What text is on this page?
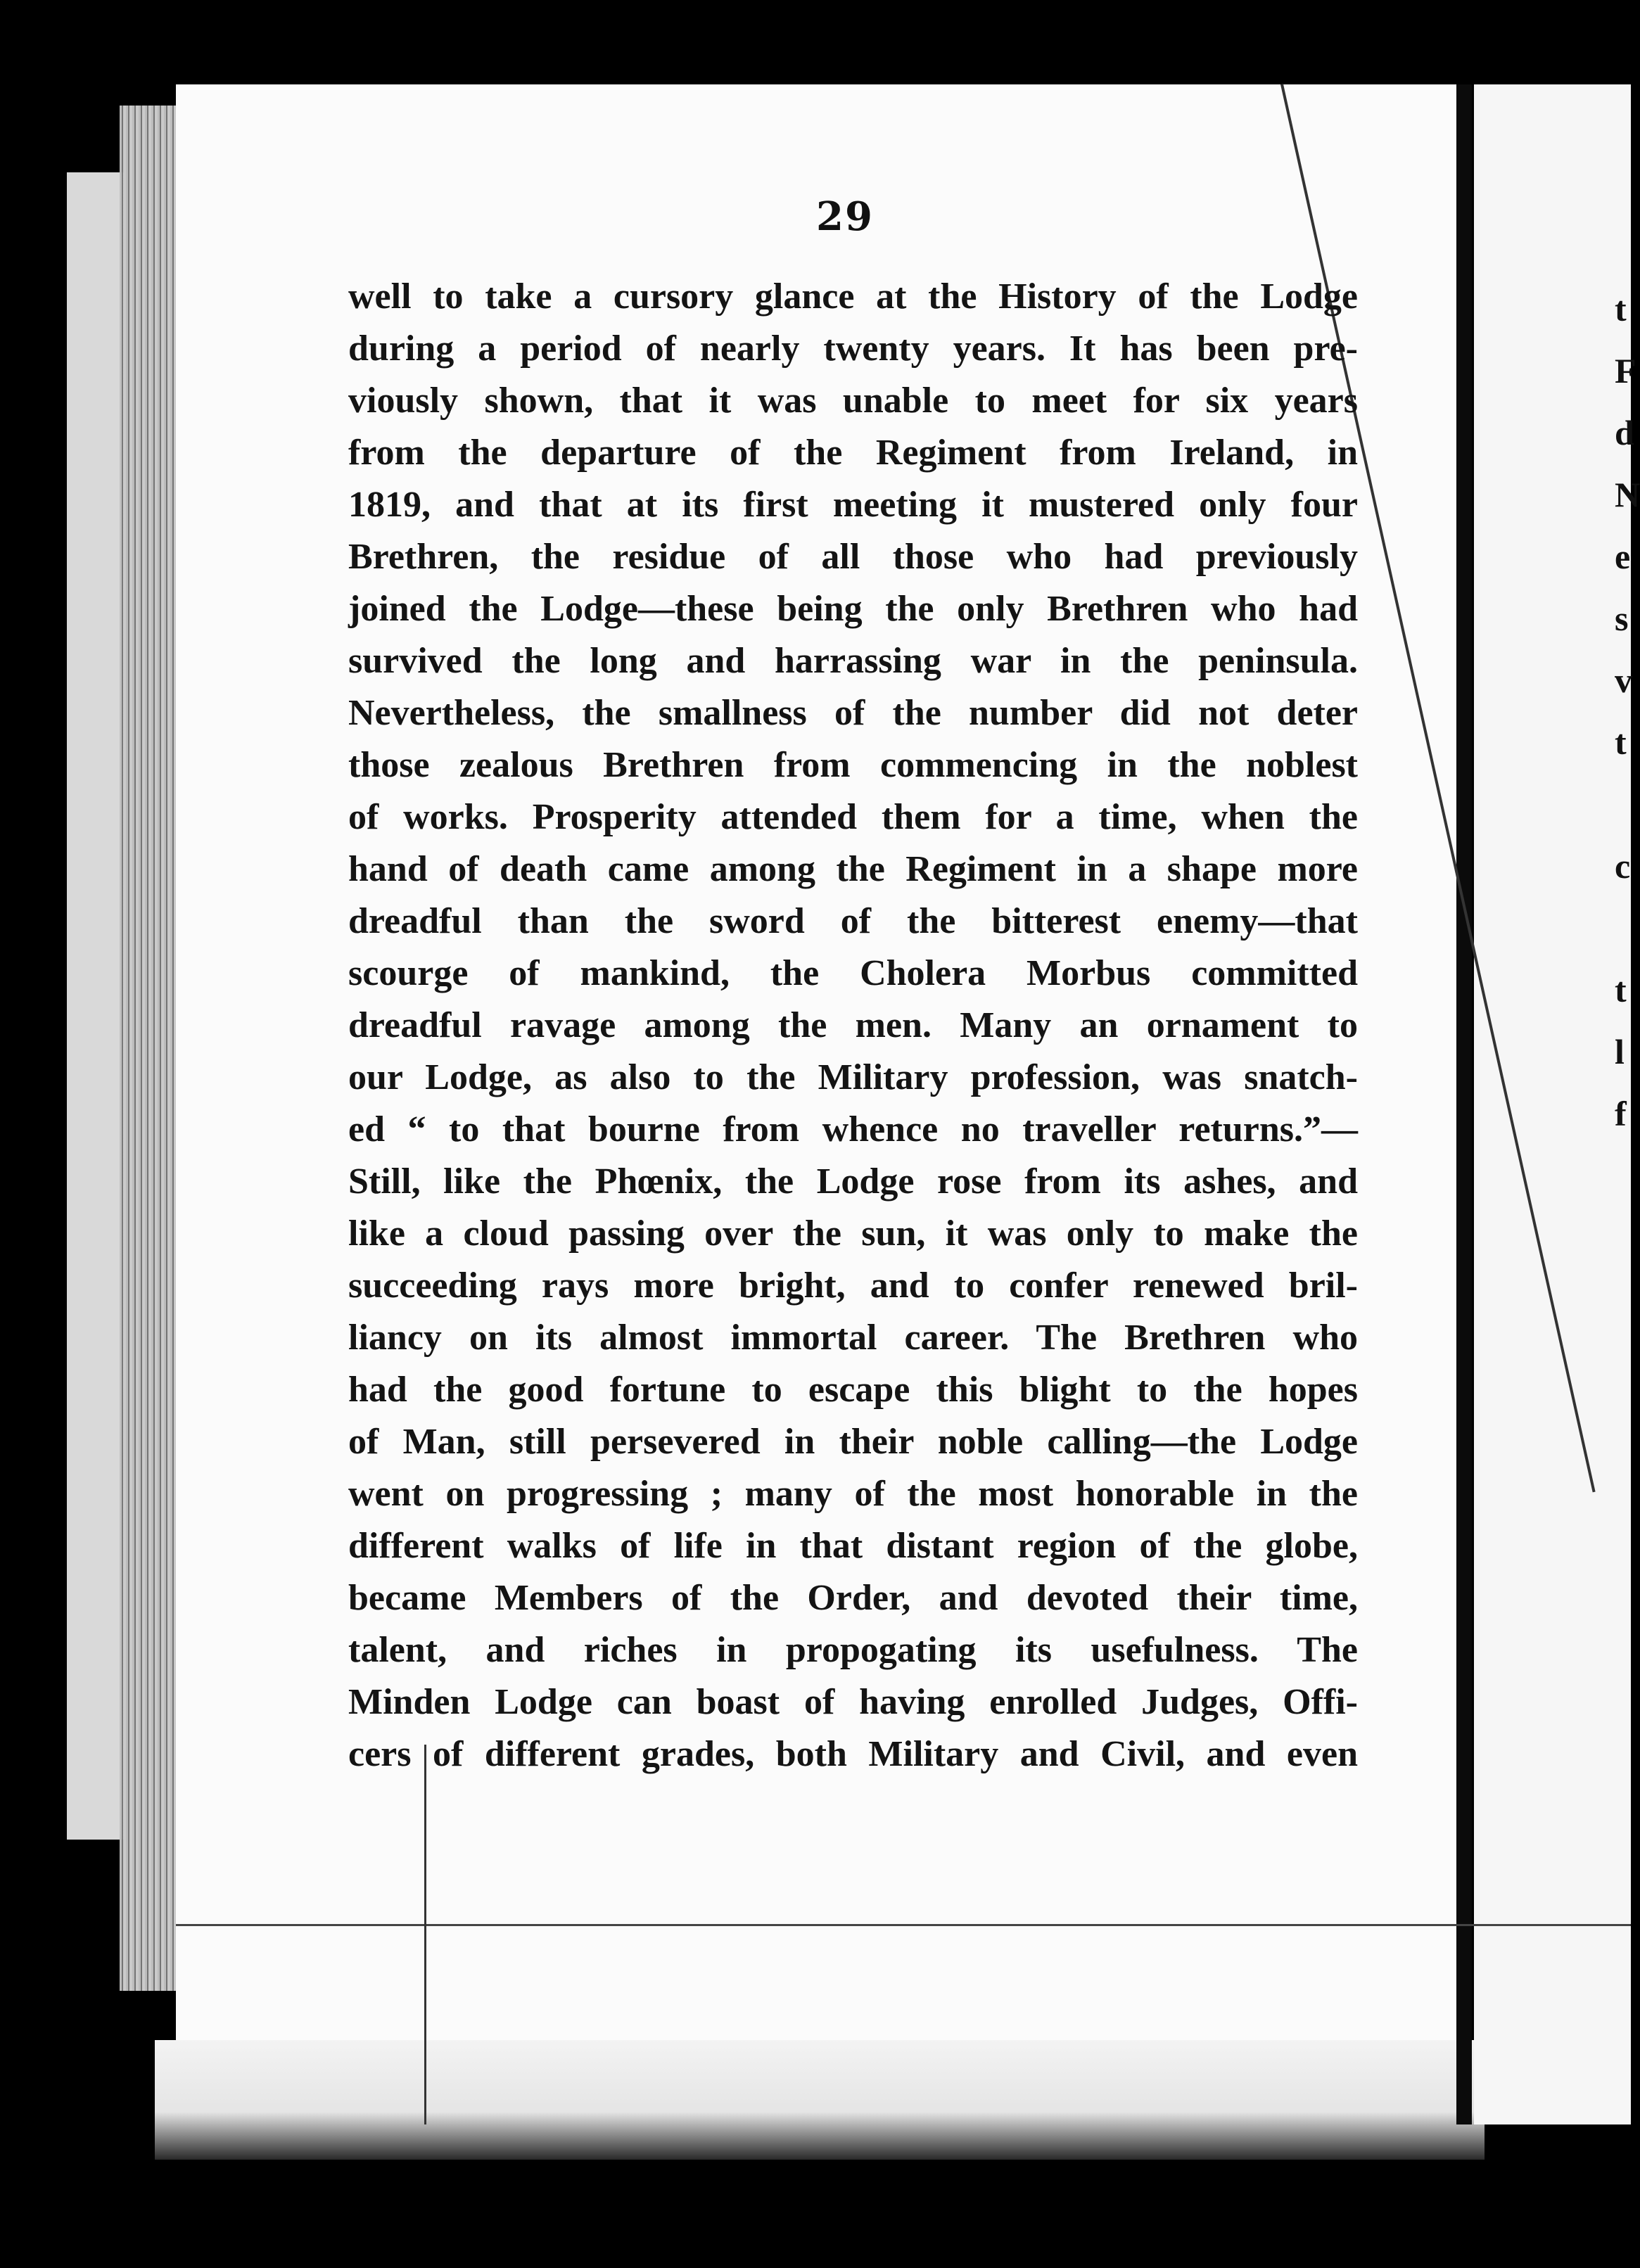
29
well to take a cursory glance at the History of the Lodge
during a period of nearly twenty years. It has been pre-
viously shown, that it was unable to meet for six years
from the departure of the Regiment from Ireland, in
1819, and that at its first meeting it mustered only four
Brethren, the residue of all those who had previously
joined the Lodge—these being the only Brethren who had
survived the long and harrassing war in the peninsula.
Nevertheless, the smallness of the number did not deter
those zealous Brethren from commencing in the noblest
of works. Prosperity attended them for a time, when the
hand of death came among the Regiment in a shape more
dreadful than the sword of the bitterest enemy—that
scourge of mankind, the Cholera Morbus committed
dreadful ravage among the men. Many an ornament to
our Lodge, as also to the Military profession, was snatch-
ed “ to that bourne from whence no traveller returns.”—
Still, like the Phœnix, the Lodge rose from its ashes, and
like a cloud passing over the sun, it was only to make the
succeeding rays more bright, and to confer renewed bril-
liancy on its almost immortal career. The Brethren who
had the good fortune to escape this blight to the hopes
of Man, still persevered in their noble calling—the Lodge
went on progressing ; many of the most honorable in the
different walks of life in that distant region of the globe,
became Members of the Order, and devoted their time,
talent, and riches in propogating its usefulness. The
Minden Lodge can boast of having enrolled Judges, Offi-
cers of different grades, both Military and Civil, and even
t
F
d
N
e
s
v
t
c
t
l
f
